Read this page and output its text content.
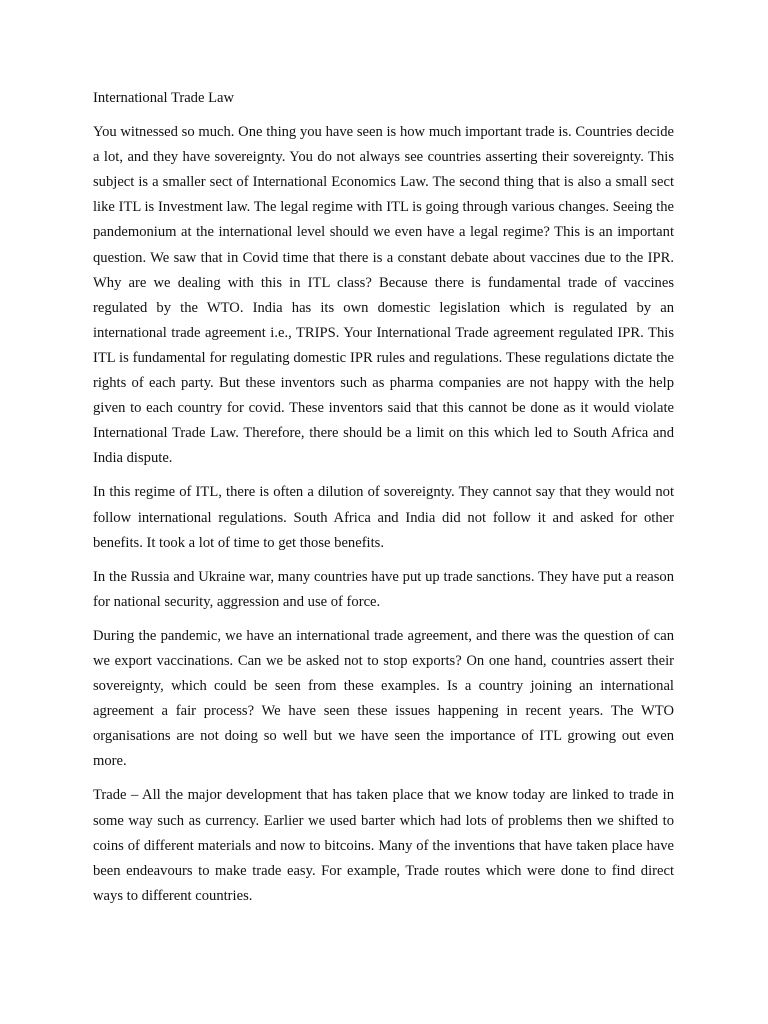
International Trade Law

You witnessed so much. One thing you have seen is how much important trade is. Countries decide a lot, and they have sovereignty. You do not always see countries asserting their sovereignty. This subject is a smaller sect of International Economics Law. The second thing that is also a small sect like ITL is Investment law. The legal regime with ITL is going through various changes. Seeing the pandemonium at the international level should we even have a legal regime? This is an important question. We saw that in Covid time that there is a constant debate about vaccines due to the IPR. Why are we dealing with this in ITL class? Because there is fundamental trade of vaccines regulated by the WTO. India has its own domestic legislation which is regulated by an international trade agreement i.e., TRIPS. Your International Trade agreement regulated IPR. This ITL is fundamental for regulating domestic IPR rules and regulations. These regulations dictate the rights of each party. But these inventors such as pharma companies are not happy with the help given to each country for covid. These inventors said that this cannot be done as it would violate International Trade Law. Therefore, there should be a limit on this which led to South Africa and India dispute.

In this regime of ITL, there is often a dilution of sovereignty. They cannot say that they would not follow international regulations. South Africa and India did not follow it and asked for other benefits. It took a lot of time to get those benefits.

In the Russia and Ukraine war, many countries have put up trade sanctions. They have put a reason for national security, aggression and use of force.

During the pandemic, we have an international trade agreement, and there was the question of can we export vaccinations. Can we be asked not to stop exports? On one hand, countries assert their sovereignty, which could be seen from these examples. Is a country joining an international agreement a fair process? We have seen these issues happening in recent years. The WTO organisations are not doing so well but we have seen the importance of ITL growing out even more.

Trade – All the major development that has taken place that we know today are linked to trade in some way such as currency. Earlier we used barter which had lots of problems then we shifted to coins of different materials and now to bitcoins. Many of the inventions that have taken place have been endeavours to make trade easy. For example, Trade routes which were done to find direct ways to different countries.
